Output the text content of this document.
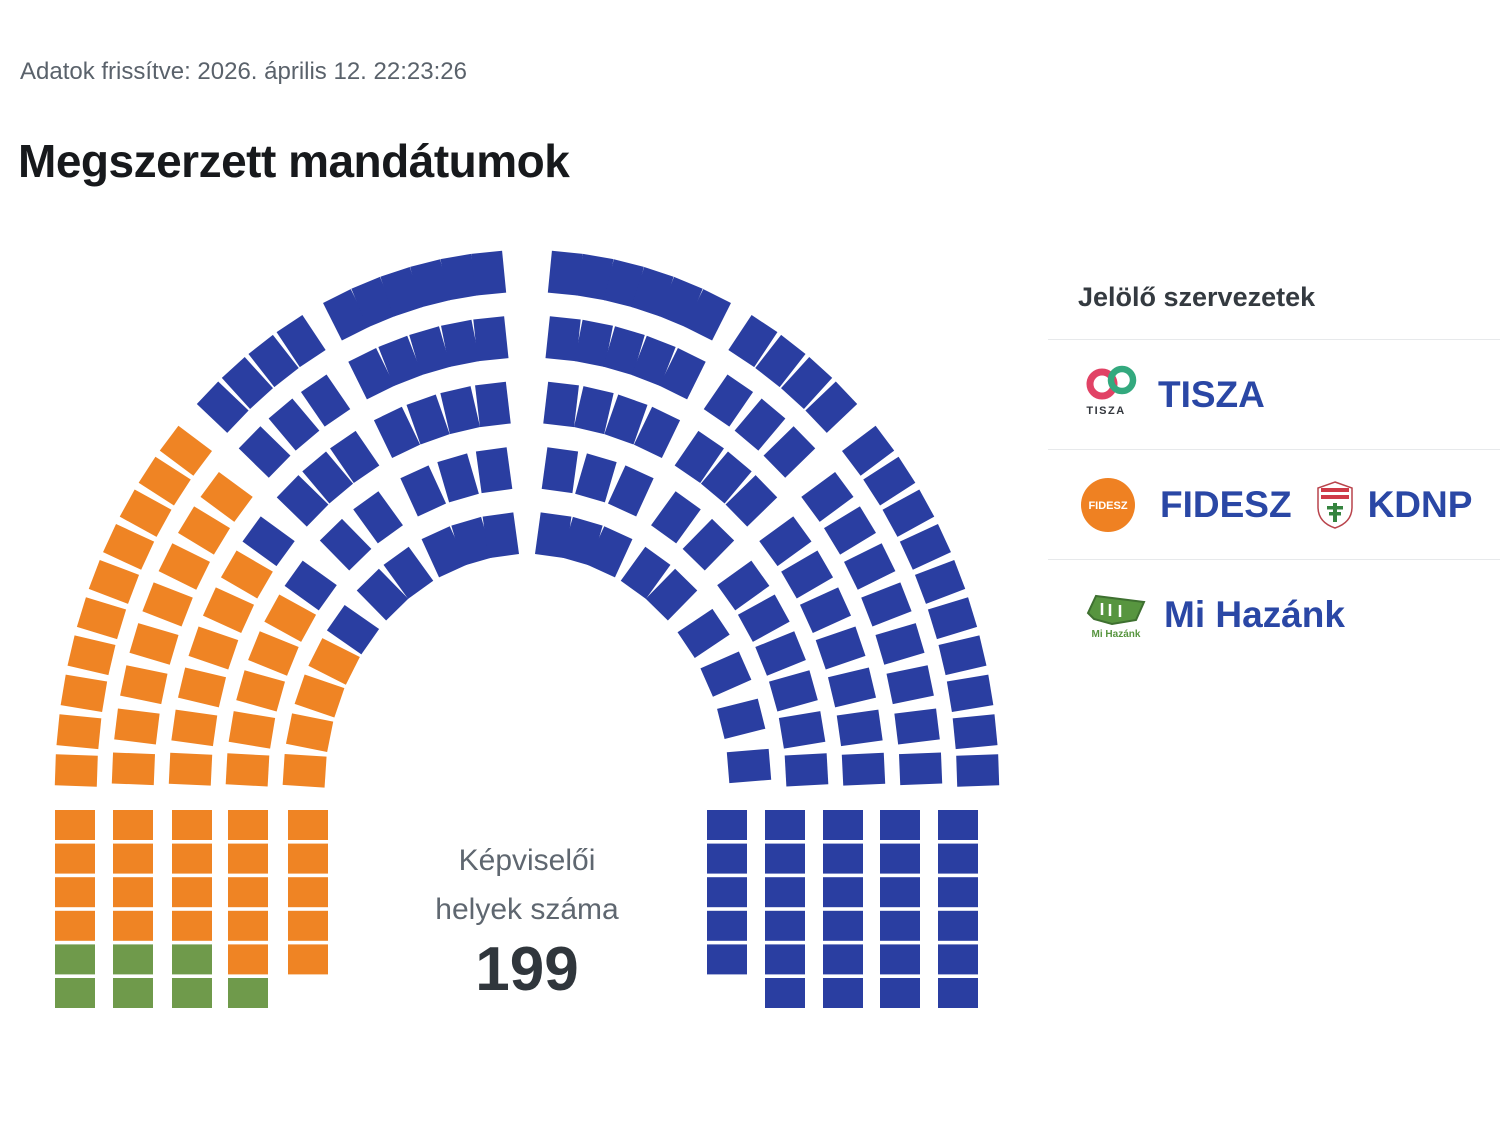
Adatok frissítve: 2026. április 12. 22:23:26
Megszerzett mandátumok
Képviselői
helyek száma
199
Jelölő szervezetek
TISZA TISZA
FIDESZ FIDESZ KDNP
Mi Hazánk Mi Hazánk
